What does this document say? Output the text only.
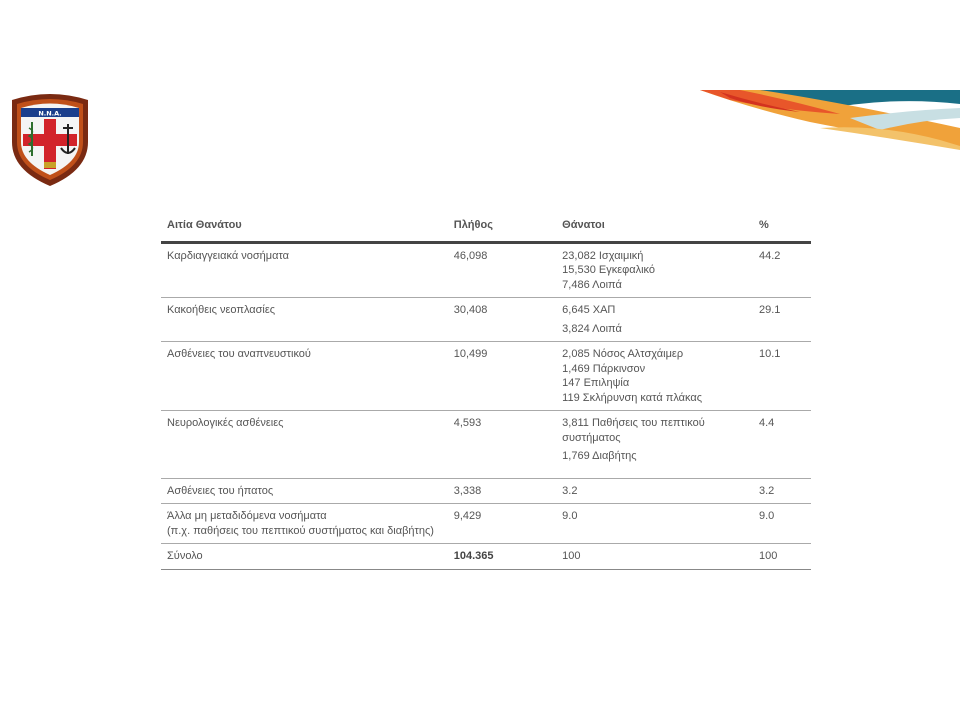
Ν.Ν.Α.
Αιτία Θανάτου	Πλήθος	Θάνατοι	%

Καρδιαγγειακά νοσήματα	46,098	23,082 Ισχαιμική
15,530 Εγκεφαλικό
7,486 Λοιπά	44.2

Κακοήθεις νεοπλασίες	30,408	6,645 ΧΑΠ
3,824 Λοιπά	29.1

Ασθένειες του αναπνευστικού	10,499	2,085 Νόσος Αλτσχάιμερ
1,469 Πάρκινσον
147 Επιληψία
119 Σκλήρυνση κατά πλάκας	10.1

Νευρολογικές ασθένειες	4,593	3,811 Παθήσεις του πεπτικού συστήματος
1,769 Διαβήτης	4.4

Ασθένειες του ήπατος	3,338	3.2	3.2

Άλλα μη μεταδιδόμενα νοσήματα
(π.χ. παθήσεις του πεπτικού συστήματος και διαβήτης)	9,429	9.0	9.0

Σύνολο	104.365	100	100
